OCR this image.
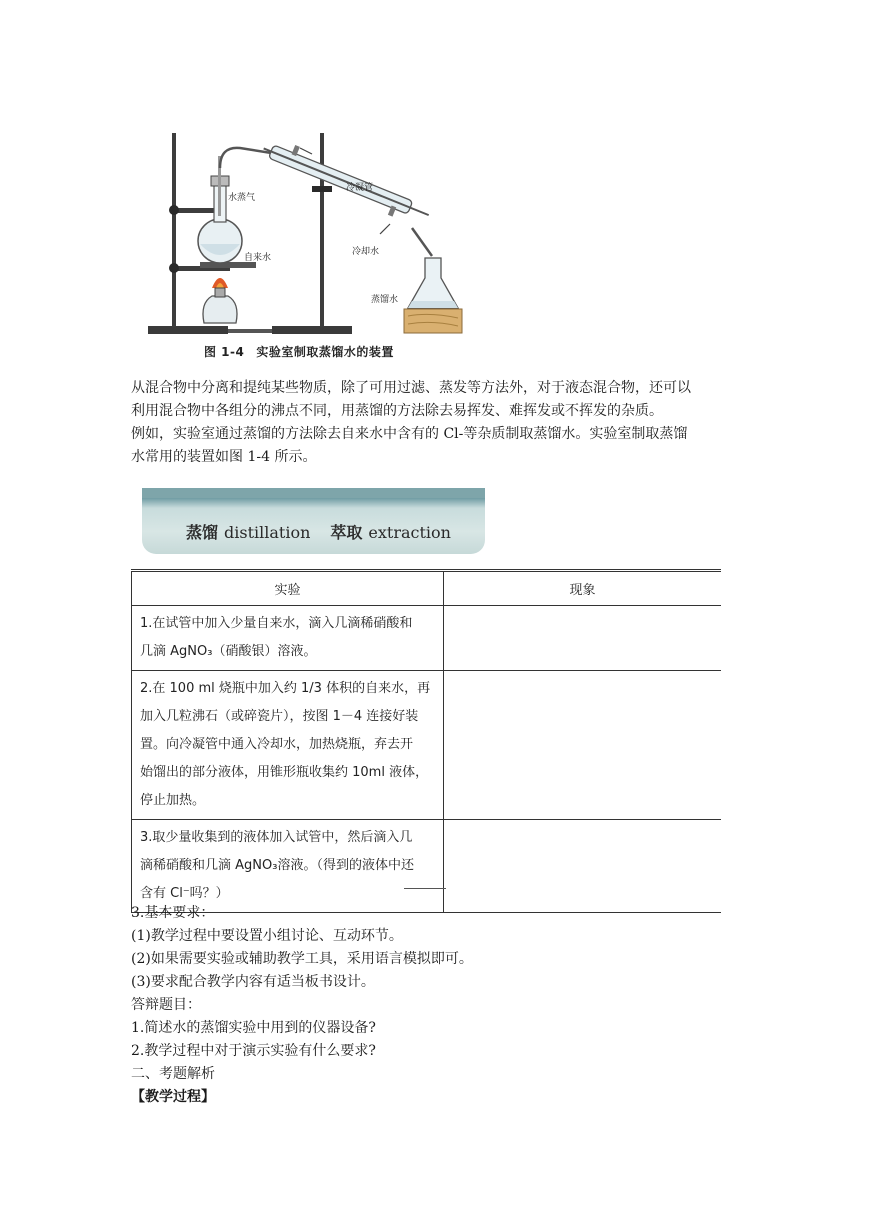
水蒸气
冷凝管
自来水
冷却水
蒸馏水
图 1-4 实验室制取蒸馏水的装置

从混合物中分离和提纯某些物质，除了可用过滤、蒸发等方法外，对于液态混合物，还可以

利用混合物中各组分的沸点不同，用蒸馏的方法除去易挥发、难挥发或不挥发的杂质。

例如，实验室通过蒸馏的方法除去自来水中含有的 Cl-等杂质制取蒸馏水。实验室制取蒸馏

水常用的装置如图 1-4 所示。

蒸馏 distillation 萃取 extraction
实验	现象

1.在试管中加入少量自来水，滴入几滴稀硝酸和
几滴 AgNO₃（硝酸银）溶液。	

2.在 100 ml 烧瓶中加入约 1/3 体积的自来水，再
加入几粒沸石（或碎瓷片），按图 1－4 连接好装
置。向冷凝管中通入冷却水，加热烧瓶，弃去开
始馏出的部分液体，用锥形瓶收集约 10ml 液体，
停止加热。	

3.取少量收集到的液体加入试管中，然后滴入几
滴稀硝酸和几滴 AgNO₃溶液。（得到的液体中还
含有 Cl⁻吗？）	

3.基本要求：

(1)教学过程中要设置小组讨论、互动环节。

(2)如果需要实验或辅助教学工具，采用语言模拟即可。

(3)要求配合教学内容有适当板书设计。

答辩题目：

1.简述水的蒸馏实验中用到的仪器设备?

2.教学过程中对于演示实验有什么要求?

二、考题解析

【教学过程】
